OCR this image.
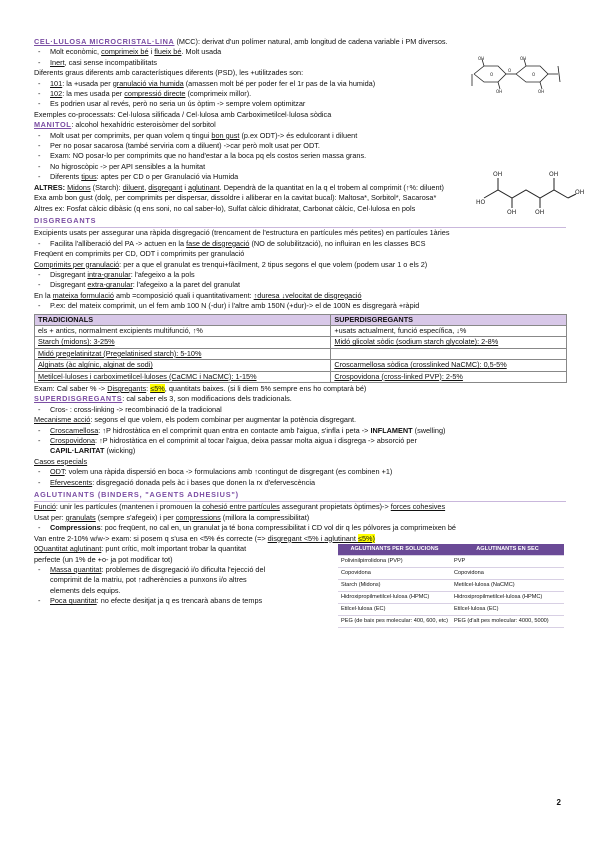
OH	OH
OH	OH
O
O	O
HO
OH
OH	OH
OH
OH

CEL·LULOSA MICROCRISTAL·LINA (MCC): derivat d'un polímer natural, amb longitud de cadena variable i PM diversos.

- Molt econòmic, comprimeix bé i flueix bé. Molt usada

- Inert, casi sense incompatibilitats

Diferents graus diferents amb característiques diferents (PSD), les +utilitzades son:

- 101: la +usada per granulació via humida (amassen molt bé per poder fer el 1r pas de la via humida)

- 102: la mes usada per compressió directe (comprimeix millor).

- Es podrien usar al revés, però no seria un ús òptim -> sempre volem optimitzar

Exemples co-processats: Cel·lulosa silificada / Cel·lulosa amb Carboximetilcel·lulosa sòdica

MANITOL: alcohol hexahídric esteroisòmer del sorbitol

- Molt usat per comprimits, per quan volem q tingui bon gust (p.ex ODT)-> és edulcorant i diluent

- Per no posar sacarosa (també serviria com a diluent) ->car però molt usat per ODT.

- Exam: NO posar-lo per comprimits que no hand'estar a la boca pq els costos serien massa grans.

- No higroscòpic -> per API sensibles a la humitat

- Diferents tipus: aptes per CD o per Granulació via Humida

ALTRES: Midons (Starch): diluent, disgregant i aglutinant. Dependrà de la quantitat en la q el trobem al comprimit (↑%: diluent)

Exa amb bon gust (dolç, per comprimits per dispersar, dissoldre i alliberar en la cavitat bucal): Maltosa*, Sorbitol*, Sacarosa*

Altres ex: Fosfat càlcic dibàsic (q ens soni, no cal saber-lo), Sulfat càlcic dihidratat, Carbonat càlcic, Cel·lulosa en pols

DISGREGANTS

Excipients usats per assegurar una ràpida disgregació (trencament de l'estructura en partícules més petites) en partícules 1àries

- Facilita l'alliberació del PA -> actuen en la fase de disgregació (NO de solubilització), no influiran en les classes BCS

Freqüent en comprimits per CD, ODT i comprimits per granulació

Comprimits per granulació: per a que el granulat es trenqui+fàcilment, 2 tipus segons el que volem (podem usar 1 o els 2)

- Disgregant intra-granular: l'afegeixo a la pols

- Disgregant extra-granular: l'afegeixo a la paret del granulat

En la mateixa formulació amb =composició quali i quantitativament: ↑duresa ↓velocitat de disgregació

- P.ex: del mateix comprimit, un el fem amb 100 N (-dur) i l'altre amb 150N (+dur)-> el de 100N es disgregarà +ràpid

TRADICIONALS	SUPERDISGREGANTS
els + antics, normalment excipients multifunció, ↑%	+usats actualment, funció específica, ↓%
Starch (midons): 3-25%	Midó glicolat sòdic (sodium starch glycolate): 2-8%
Midó pregelatinitzat (Pregelatinised starch): 5-10%	
Alginats (àc algínic, alginat de sodi)	Croscarmellosa sòdica (crosslinked NaCMC): 0,5-5%
Metilcel·luloses i carboximetilcel·luloses (CaCMC i NaCMC): 1-15%	Crospovidona (cross-linked PVP): 2-5%

Exam: Cal saber % -> Disgregants: ≤5%, quantitats baixes. (si li diem 5% sempre ens ho comptarà bé)

SUPERDISGREGANTS: cal saber els 3, son modificacions dels tradicionals.

- Cros- : cross-linking -> recombinació de la tradicional

Mecanisme acció: segons el que volem, els podem combinar per augmentar la potència disgregant.

- Croscamellosa: ↑P hidrostàtica en el comprimit quan entra en contacte amb l'aigua, s'infla i peta -> INFLAMENT (swelling)

- Crospovidona: ↑P hidrostàtica en el comprimit al tocar l'aigua, deixa passar molta aigua i disgrega -> absorció per

CAPIL·LARITAT (wicking)

Casos especials

- ODT: volem una ràpida dispersió en boca -> formulacions amb ↑contingut de disgregant (es combinen +1)

- Efervescents: disgregació donada pels àc i bases que donen la rx d'efervescència

AGLUTINANTS (BINDERS, "AGENTS ADHESIUS")

Funció: unir les partícules (mantenen i promouen la cohesió entre partícules assegurant propietats òptimes)-> forces cohesives

Usat per: granulats (sempre s'afegeix) i per compressions (millora la compressibilitat)

- Compressions: poc freqüent, no cal en, un granulat ja té bona compressibilitat i CD vol dir q les pólvores ja comprimeixen bé

Van entre 2-10% w/w-> exam: si posem q s'usa en <5% és correcte (=> disgregant <5% i aglutinant ≤5%)

0Quantitat aglutinant: punt crític, molt important trobar la quantitat

perfecte (un 1% de +o- ja pot modificar tot)

- Massa quantitat: problemes de disgregació i/o dificulta l'ejecció del

comprimit de la matriu, pot ↑adherències a punxons i/o altres

elements dels equips.

- Poca quantitat: no efecte desitjat ja q es trencarà abans de temps

AGLUTINANTS PER SOLUCIONS	AGLUTINANTS EN SEC
Polivinilpirrolidona (PVP)	PVP
Copovidona	Copovidona
Starch (Midons)	Metilcel·lulosa (NaCMC)
Hidroxipropilmetilcel·lulosa (HPMC)	Hidroxipropilmetilcel·lulosa (HPMC)
Etilcel·lulosa (EC)	Etilcel·lulosa (EC)
PEG (de baix pes molecular: 400, 600, etc)	PEG (d'alt pes molecular: 4000, 5000)
2
